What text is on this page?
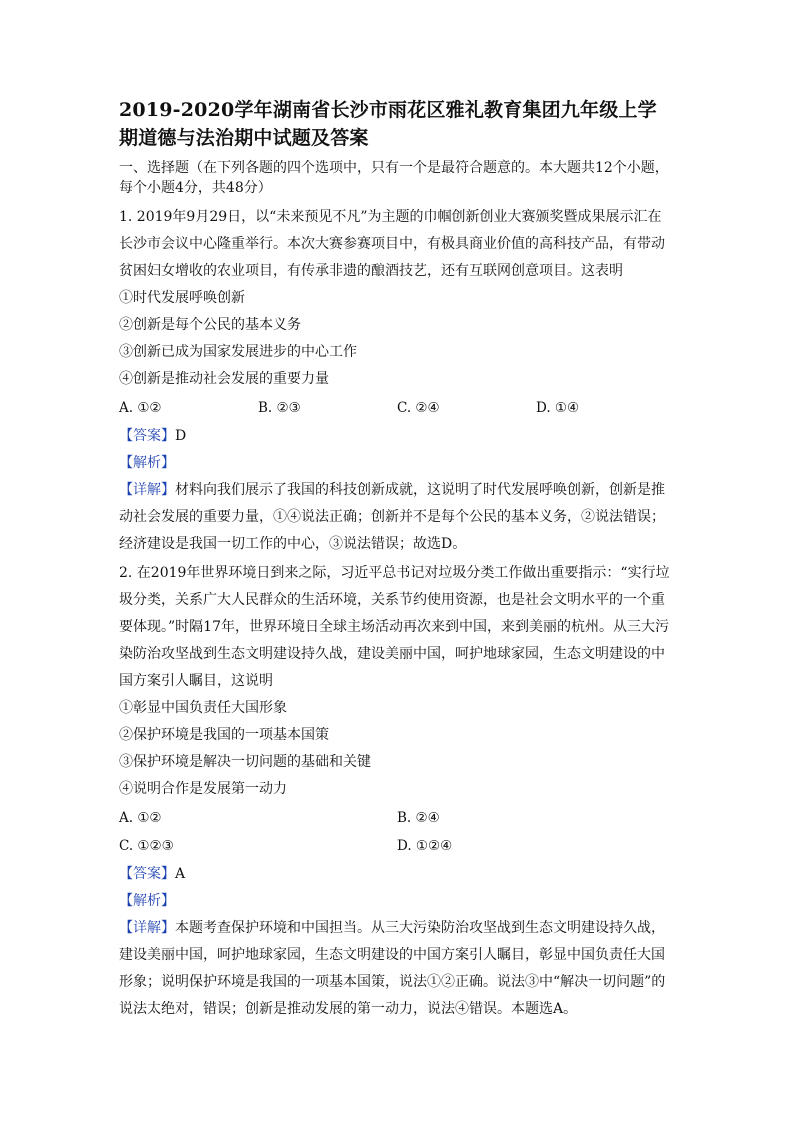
2019-2020学年湖南省长沙市雨花区雅礼教育集团九年级上学期道德与法治期中试题及答案

一、选择题（在下列各题的四个选项中，只有一个是最符合题意的。本大题共12个小题，每个小题4分，共48分）

1. 2019年9月29日，以“未来预见不凡”为主题的巾帼创新创业大赛颁奖暨成果展示汇在长沙市会议中心隆重举行。本次大赛参赛项目中，有极具商业价值的高科技产品，有带动贫困妇女增收的农业项目，有传承非遗的酿酒技艺，还有互联网创意项目。这表明

①时代发展呼唤创新

②创新是每个公民的基本义务

③创新已成为国家发展进步的中心工作

④创新是推动社会发展的重要力量

A. ①②	B. ②③	C. ②④	D. ①④

【答案】D

【解析】

【详解】材料向我们展示了我国的科技创新成就，这说明了时代发展呼唤创新，创新是推动社会发展的重要力量，①④说法正确；创新并不是每个公民的基本义务，②说法错误；经济建设是我国一切工作的中心，③说法错误；故选D。

2. 在2019年世界环境日到来之际，习近平总书记对垃圾分类工作做出重要指示：“实行垃圾分类，关系广大人民群众的生活环境，关系节约使用资源，也是社会文明水平的一个重要体现。”时隔17年，世界环境日全球主场活动再次来到中国，来到美丽的杭州。从三大污染防治攻坚战到生态文明建设持久战，建设美丽中国，呵护地球家园，生态文明建设的中国方案引人瞩目，这说明

①彰显中国负责任大国形象

②保护环境是我国的一项基本国策

③保护环境是解决一切问题的基础和关键

④说明合作是发展第一动力

A. ①②	B. ②④
C. ①②③	D. ①②④

【答案】A

【解析】

【详解】本题考查保护环境和中国担当。从三大污染防治攻坚战到生态文明建设持久战，建设美丽中国，呵护地球家园，生态文明建设的中国方案引人瞩目，彰显中国负责任大国形象；说明保护环境是我国的一项基本国策，说法①②正确。说法③中“解决一切问题”的说法太绝对，错误；创新是推动发展的第一动力，说法④错误。本题选A。
